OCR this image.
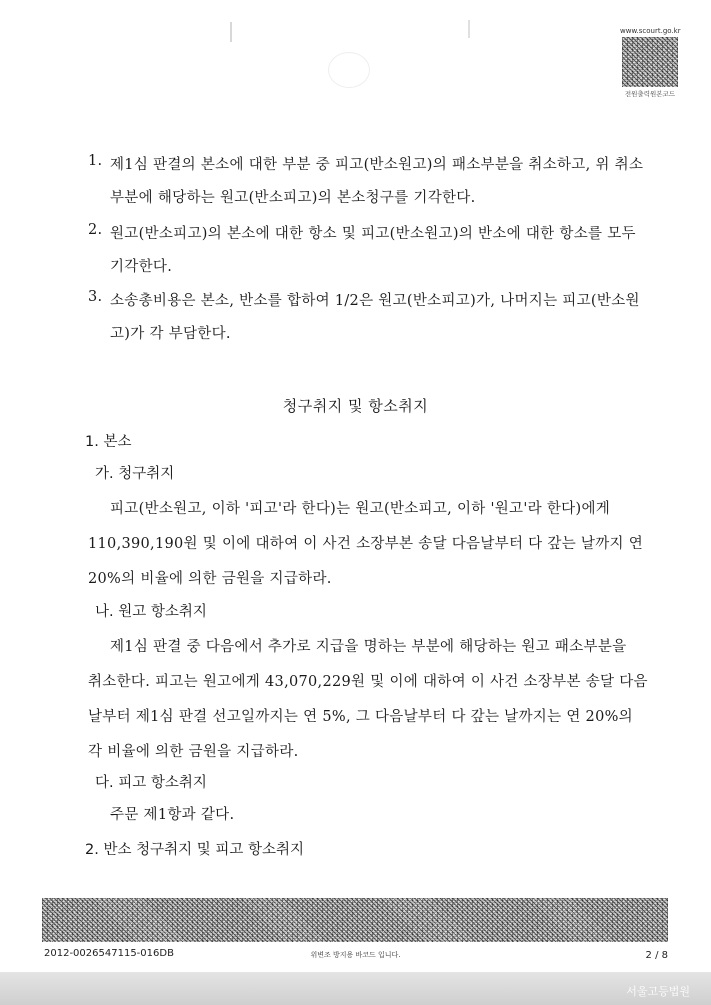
www.scourt.go.kr
전원출력원본코드
1. 제1심 판결의 본소에 대한 부분 중 피고(반소원고)의 패소부분을 취소하고, 위 취소
부분에 해당하는 원고(반소피고)의 본소청구를 기각한다.
2. 원고(반소피고)의 본소에 대한 항소 및 피고(반소원고)의 반소에 대한 항소를 모두
기각한다.
3. 소송총비용은 본소, 반소를 합하여 1/2은 원고(반소피고)가, 나머지는 피고(반소원
고)가 각 부담한다.
청구취지 및 항소취지
1. 본소
가. 청구취지
피고(반소원고, 이하 '피고'라 한다)는 원고(반소피고, 이하 '원고'라 한다)에게
110,390,190원 및 이에 대하여 이 사건 소장부본 송달 다음날부터 다 갚는 날까지 연
20%의 비율에 의한 금원을 지급하라.
나. 원고 항소취지
제1심 판결 중 다음에서 추가로 지급을 명하는 부분에 해당하는 원고 패소부분을
취소한다. 피고는 원고에게 43,070,229원 및 이에 대하여 이 사건 소장부본 송달 다음
날부터 제1심 판결 선고일까지는 연 5%, 그 다음날부터 다 갚는 날까지는 연 20%의
각 비율에 의한 금원을 지급하라.
다. 피고 항소취지
주문 제1항과 같다.
2. 반소 청구취지 및 피고 항소취지
2012-0026547115-016DB	위변조 방지용 바코드 입니다.	2 / 8
서울고등법원
